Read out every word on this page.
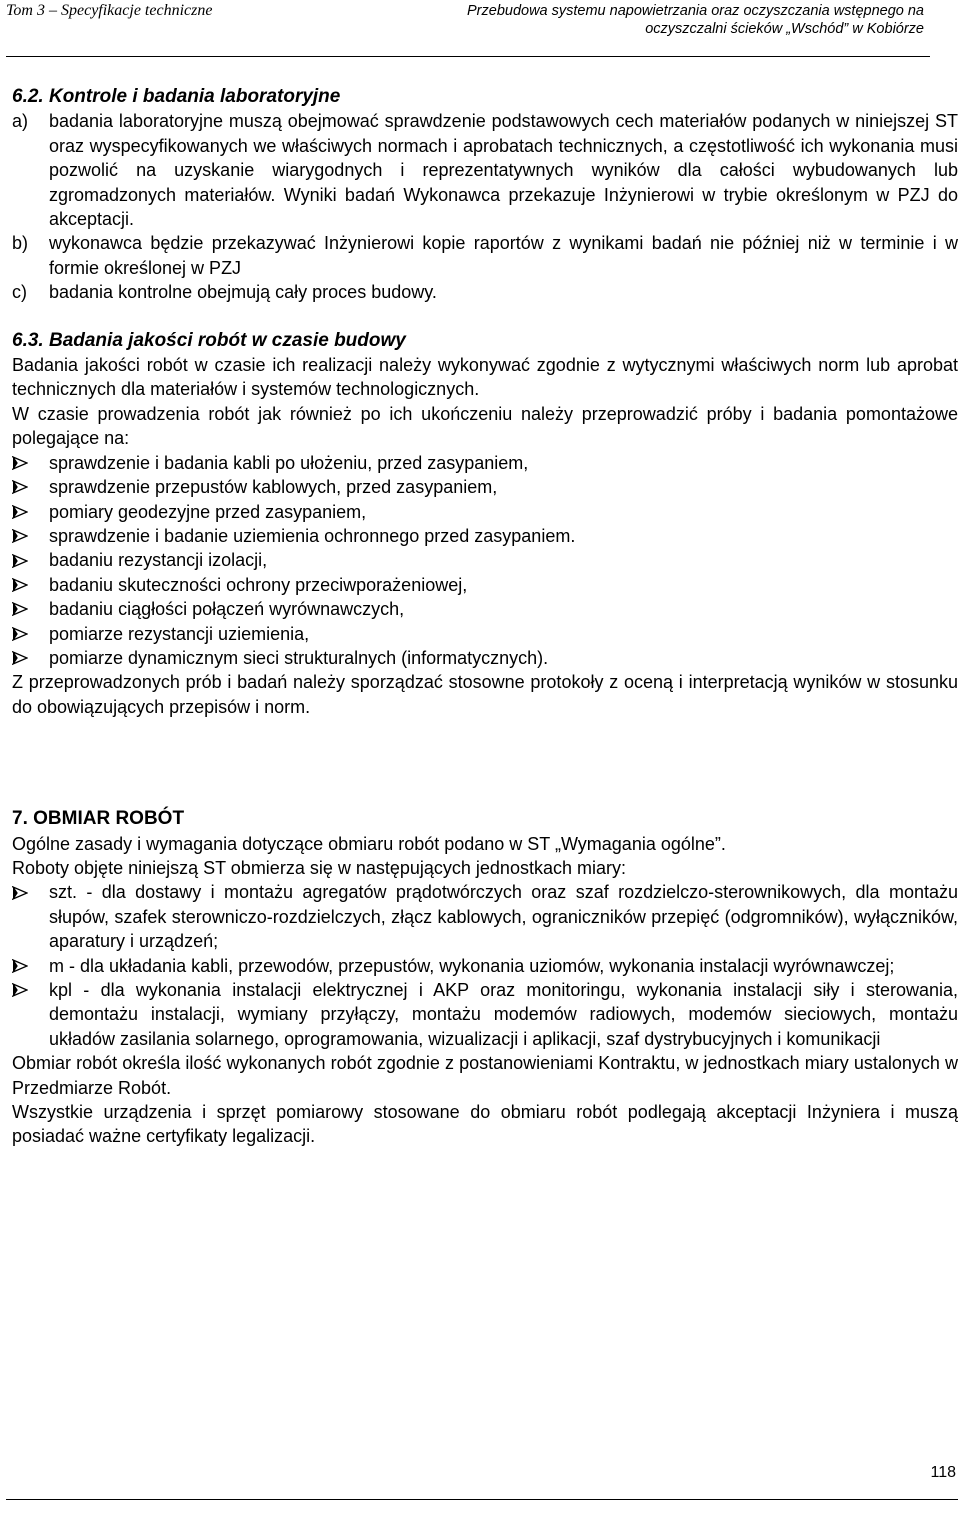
Tom 3 – Specyfikacje techniczne	Przebudowa systemu napowietrzania oraz oczyszczania wstępnego na
oczyszczalni ścieków „Wschód” w Kobiórze
6.2. Kontrole i badania laboratoryjne
a)	badania laboratoryjne muszą obejmować sprawdzenie podstawowych cech materiałów podanych w niniejszej ST oraz wyspecyfikowanych we właściwych normach i aprobatach technicznych, a częstotliwość ich wykonania musi pozwolić na uzyskanie wiarygodnych i reprezentatywnych wyników dla całości wybudowanych lub zgromadzonych materiałów. Wyniki badań Wykonawca przekazuje Inżynierowi w trybie określonym w PZJ do akceptacji.
b)	wykonawca będzie przekazywać Inżynierowi kopie raportów z wynikami badań nie później niż w terminie i w formie określonej w PZJ
c)	badania kontrolne obejmują cały proces budowy.
6.3. Badania jakości robót w czasie budowy

Badania jakości robót w czasie ich realizacji należy wykonywać zgodnie z wytycznymi właściwych norm lub aprobat technicznych dla materiałów i systemów technologicznych.

W czasie prowadzenia robót jak również po ich ukończeniu należy przeprowadzić próby i badania pomontażowe polegające na:

sprawdzenie i badania kabli po ułożeniu, przed zasypaniem,
sprawdzenie przepustów kablowych, przed zasypaniem,
pomiary geodezyjne przed zasypaniem,
sprawdzenie i badanie uziemienia ochronnego przed zasypaniem.
badaniu rezystancji izolacji,
badaniu skuteczności ochrony przeciwporażeniowej,
badaniu ciągłości połączeń wyrównawczych,
pomiarze rezystancji uziemienia,
pomiarze dynamicznym sieci strukturalnych (informatycznych).

Z przeprowadzonych prób i badań należy sporządzać stosowne protokoły z oceną i interpretacją wyników w stosunku do obowiązujących przepisów i norm.

7. OBMIAR ROBÓT

Ogólne zasady i wymagania dotyczące obmiaru robót podano w ST „Wymagania ogólne”.

Roboty objęte niniejszą ST obmierza się w następujących jednostkach miary:

szt. - dla dostawy i montażu agregatów prądotwórczych oraz szaf rozdzielczo-sterownikowych, dla montażu słupów, szafek sterowniczo-rozdzielczych, złącz kablowych, ograniczników przepięć (odgromników), wyłączników, aparatury i urządzeń;
m - dla układania kabli, przewodów, przepustów, wykonania uziomów, wykonania instalacji wyrównawczej;
kpl - dla wykonania instalacji elektrycznej i AKP oraz monitoringu, wykonania instalacji siły i sterowania, demontażu instalacji, wymiany przyłączy, montażu modemów radiowych, modemów sieciowych, montażu układów zasilania solarnego, oprogramowania, wizualizacji i aplikacji, szaf dystrybucyjnych i komunikacji

Obmiar robót określa ilość wykonanych robót zgodnie z postanowieniami Kontraktu, w jednostkach miary ustalonych w Przedmiarze Robót.

Wszystkie urządzenia i sprzęt pomiarowy stosowane do obmiaru robót podlegają akceptacji Inżyniera i muszą posiadać ważne certyfikaty legalizacji.

118
